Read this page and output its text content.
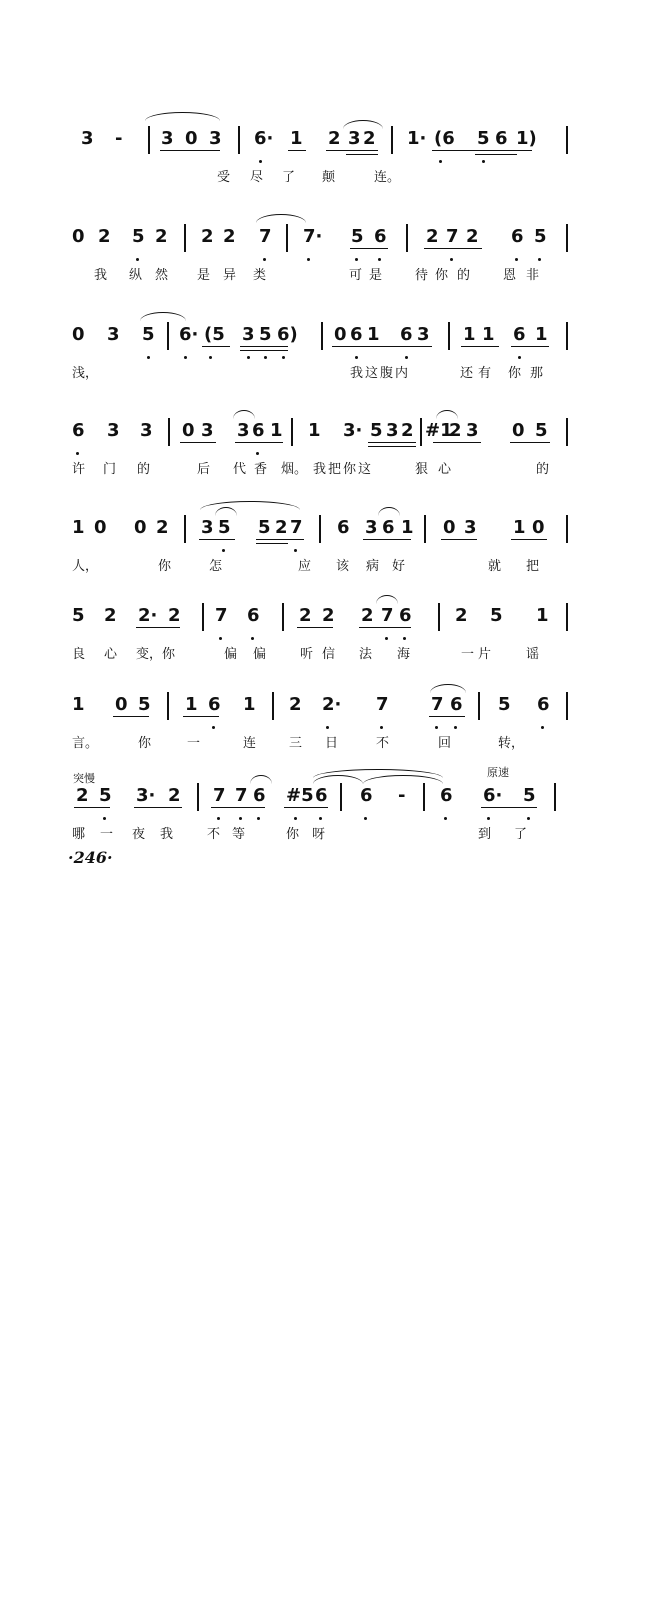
3

-

3

0

3

6·

1

2

3

2

1·

(6

5

6

1)

受 尽 了 颠	连。

0

2

5

2

2

2

7

7·

5

6

2

7

2

6

5

我 纵 然 是 异 类	可 是	待 你 的	恩 非

0

3

5

6·

(5

3

5

6)

0

6

1

6

3

1

1

6

1

浅，	我 这 腹 内	还 有 你 那

6

3

3

0

3

3

6

1

1

3·

5

3

2

#1

2

3

0

5

许 门 的	后 代 香 烟。 我 把 你 这	狠 心	的

1

0

0

2

3

5

5

2

7

6

3

6

1

0

3

1

0

人，	你	怎	应 该 病 好	就 把

5

2

2·

2

7

6

2

2

2

7

6

2

5

1

良 心 变，你	偏 偏	听 信 法 海	一 片	谣

1

0

5

1

6

1

2

2·

7

7

6

5

6

言。	你	一	连	三 日	不	回	转，
突慢	原速

2

5

3·

2

7

7

6

#5

6

6

-

6

6·

5

哪 一 夜 我	不 等	你 呀	到 了
·246·
